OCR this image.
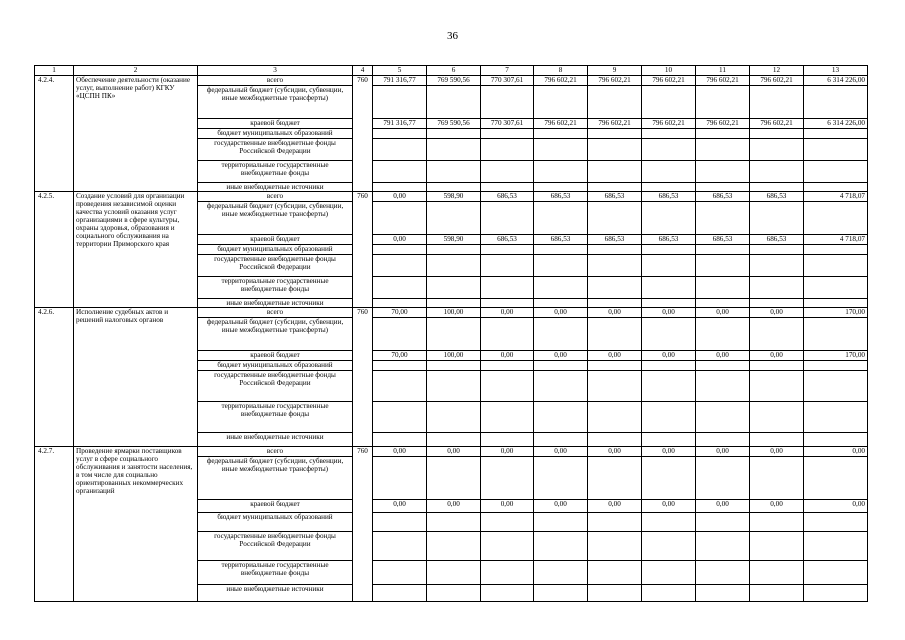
36
1	2	3	4	5	6	7	8	9	10	11	12	13
4.2.4.	Обеспечение деятельности (оказание услуг, выполнение работ) КГКУ «ЦСПН ПК»	всего	760	791 316,77	769 590,56	770 307,61	796 602,21	796 602,21	796 602,21	796 602,21	796 602,21	6 314 226,00
		федеральный бюджет (субсидии, субвенции, иные межбюджетные трансферты)										
		краевой бюджет		791 316,77	769 590,56	770 307,61	796 602,21	796 602,21	796 602,21	796 602,21	796 602,21	6 314 226,00
		бюджет муниципальных образований										
		государственные внебюджетные фонды Российской Федерации										
		территориальные государственные внебюджетные фонды										
		иные внебюджетные источники										
4.2.5.	Создание условий для организации проведения независимой оценки качества условий оказания услуг организациями в сфере культуры, охраны здоровья, образования и социального обслуживания на территории Приморского края	всего	760	0,00	598,90	686,53	686,53	686,53	686,53	686,53	686,53	4 718,07
		федеральный бюджет (субсидии, субвенции, иные межбюджетные трансферты)										
		краевой бюджет		0,00	598,90	686,53	686,53	686,53	686,53	686,53	686,53	4 718,07
		бюджет муниципальных образований										
		государственные внебюджетные фонды Российской Федерации										
		территориальные государственные внебюджетные фонды										
		иные внебюджетные источники										
4.2.6.	Исполнение судебных актов и решений налоговых органов	всего	760	70,00	100,00	0,00	0,00	0,00	0,00	0,00	0,00	170,00
		федеральный бюджет (субсидии, субвенции, иные межбюджетные трансферты)										
		краевой бюджет		70,00	100,00	0,00	0,00	0,00	0,00	0,00	0,00	170,00
		бюджет муниципальных образований										
		государственные внебюджетные фонды Российской Федерации										
		территориальные государственные внебюджетные фонды										
		иные внебюджетные источники										
4.2.7.	Проведение ярмарки поставщиков услуг в сфере социального обслуживания и занятости населения, в том числе для социально ориентированных некоммерческих организаций	всего	760	0,00	0,00	0,00	0,00	0,00	0,00	0,00	0,00	0,00
		федеральный бюджет (субсидии, субвенции, иные межбюджетные трансферты)										
		краевой бюджет		0,00	0,00	0,00	0,00	0,00	0,00	0,00	0,00	0,00
		бюджет муниципальных образований										
		государственные внебюджетные фонды Российской Федерации										
		территориальные государственные внебюджетные фонды										
		иные внебюджетные источники										
